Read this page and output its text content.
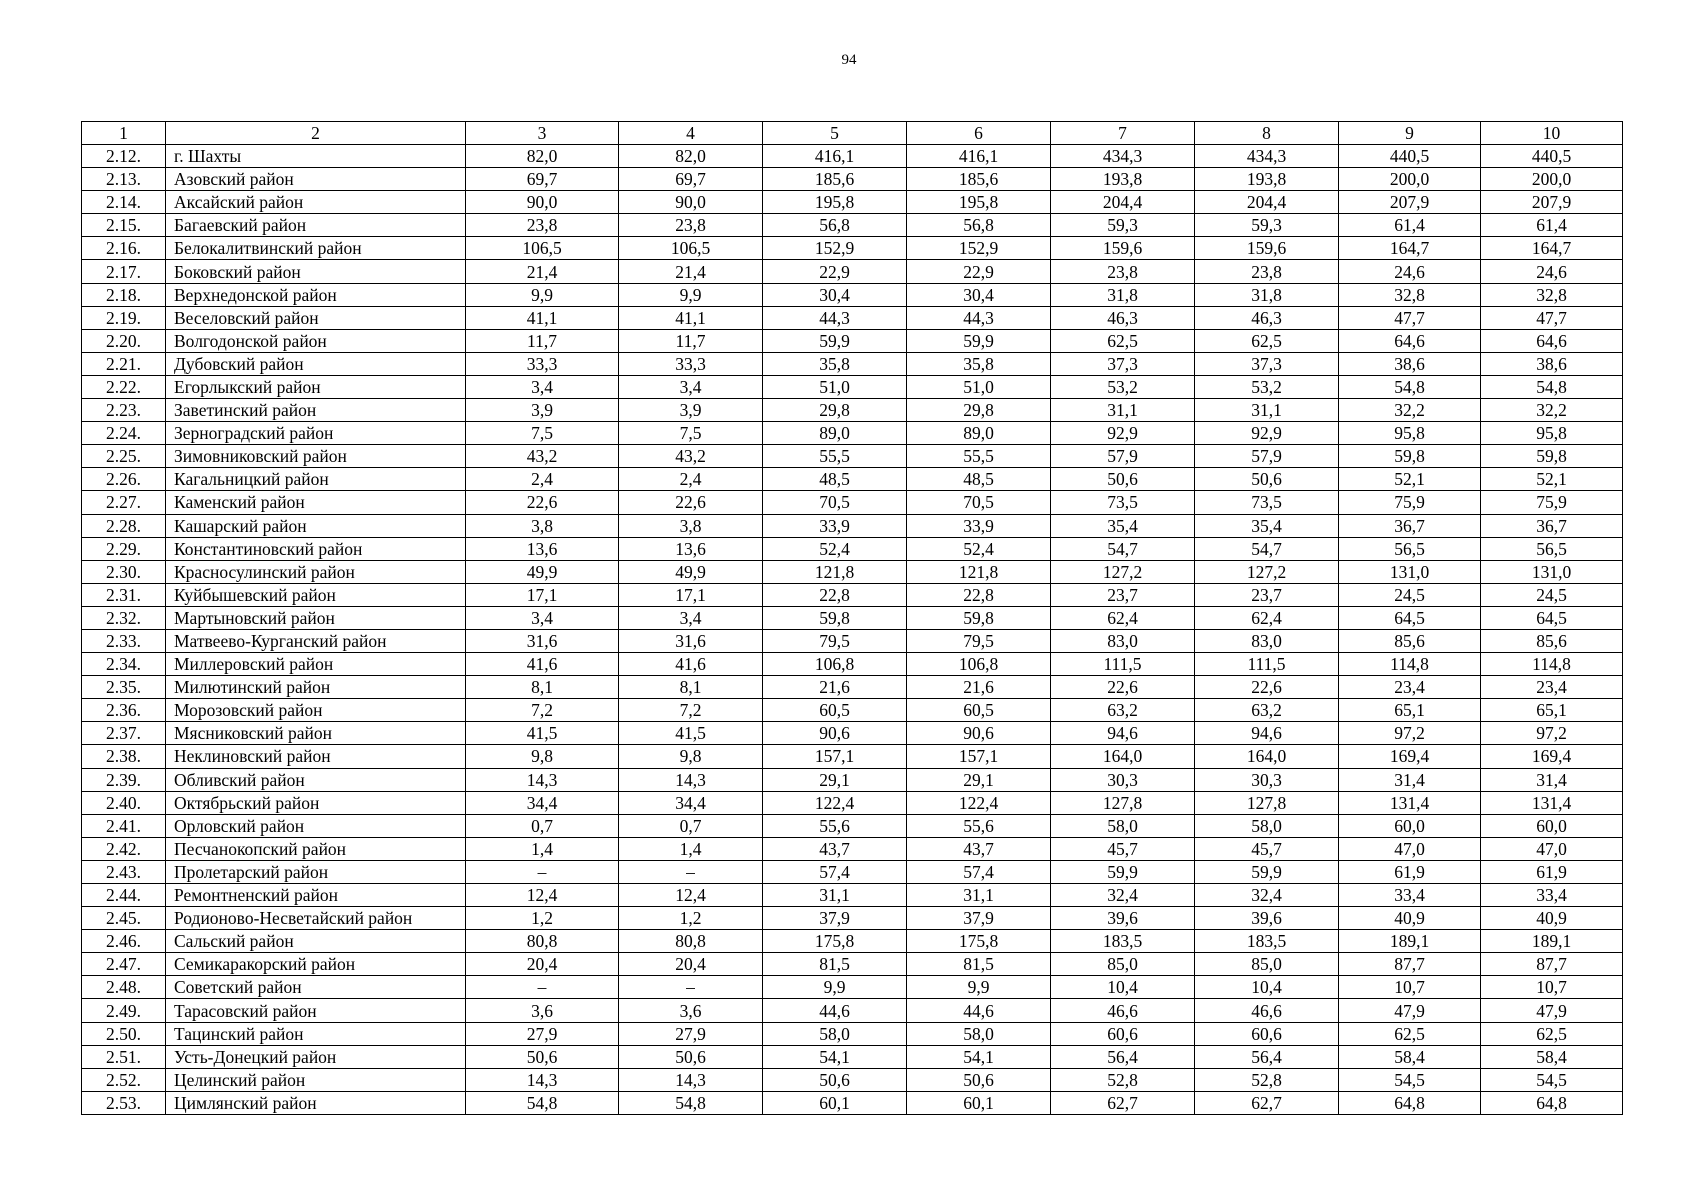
94
1	2	3	4	5	6	7	8	9	10
2.12.	г. Шахты	82,0	82,0	416,1	416,1	434,3	434,3	440,5	440,5
2.13.	Азовский район	69,7	69,7	185,6	185,6	193,8	193,8	200,0	200,0
2.14.	Аксайский район	90,0	90,0	195,8	195,8	204,4	204,4	207,9	207,9
2.15.	Багаевский район	23,8	23,8	56,8	56,8	59,3	59,3	61,4	61,4
2.16.	Белокалитвинский район	106,5	106,5	152,9	152,9	159,6	159,6	164,7	164,7
2.17.	Боковский район	21,4	21,4	22,9	22,9	23,8	23,8	24,6	24,6
2.18.	Верхнедонской район	9,9	9,9	30,4	30,4	31,8	31,8	32,8	32,8
2.19.	Веселовский район	41,1	41,1	44,3	44,3	46,3	46,3	47,7	47,7
2.20.	Волгодонской район	11,7	11,7	59,9	59,9	62,5	62,5	64,6	64,6
2.21.	Дубовский район	33,3	33,3	35,8	35,8	37,3	37,3	38,6	38,6
2.22.	Егорлыкский район	3,4	3,4	51,0	51,0	53,2	53,2	54,8	54,8
2.23.	Заветинский район	3,9	3,9	29,8	29,8	31,1	31,1	32,2	32,2
2.24.	Зерноградский район	7,5	7,5	89,0	89,0	92,9	92,9	95,8	95,8
2.25.	Зимовниковский район	43,2	43,2	55,5	55,5	57,9	57,9	59,8	59,8
2.26.	Кагальницкий район	2,4	2,4	48,5	48,5	50,6	50,6	52,1	52,1
2.27.	Каменский район	22,6	22,6	70,5	70,5	73,5	73,5	75,9	75,9
2.28.	Кашарский район	3,8	3,8	33,9	33,9	35,4	35,4	36,7	36,7
2.29.	Константиновский район	13,6	13,6	52,4	52,4	54,7	54,7	56,5	56,5
2.30.	Красносулинский район	49,9	49,9	121,8	121,8	127,2	127,2	131,0	131,0
2.31.	Куйбышевский район	17,1	17,1	22,8	22,8	23,7	23,7	24,5	24,5
2.32.	Мартыновский район	3,4	3,4	59,8	59,8	62,4	62,4	64,5	64,5
2.33.	Матвеево-Курганский район	31,6	31,6	79,5	79,5	83,0	83,0	85,6	85,6
2.34.	Миллеровский район	41,6	41,6	106,8	106,8	111,5	111,5	114,8	114,8
2.35.	Милютинский район	8,1	8,1	21,6	21,6	22,6	22,6	23,4	23,4
2.36.	Морозовский район	7,2	7,2	60,5	60,5	63,2	63,2	65,1	65,1
2.37.	Мясниковский район	41,5	41,5	90,6	90,6	94,6	94,6	97,2	97,2
2.38.	Неклиновский район	9,8	9,8	157,1	157,1	164,0	164,0	169,4	169,4
2.39.	Обливский район	14,3	14,3	29,1	29,1	30,3	30,3	31,4	31,4
2.40.	Октябрьский район	34,4	34,4	122,4	122,4	127,8	127,8	131,4	131,4
2.41.	Орловский район	0,7	0,7	55,6	55,6	58,0	58,0	60,0	60,0
2.42.	Песчанокопский район	1,4	1,4	43,7	43,7	45,7	45,7	47,0	47,0
2.43.	Пролетарский район	–	–	57,4	57,4	59,9	59,9	61,9	61,9
2.44.	Ремонтненский район	12,4	12,4	31,1	31,1	32,4	32,4	33,4	33,4
2.45.	Родионово-Несветайский район	1,2	1,2	37,9	37,9	39,6	39,6	40,9	40,9
2.46.	Сальский район	80,8	80,8	175,8	175,8	183,5	183,5	189,1	189,1
2.47.	Семикаракорский район	20,4	20,4	81,5	81,5	85,0	85,0	87,7	87,7
2.48.	Советский район	–	–	9,9	9,9	10,4	10,4	10,7	10,7
2.49.	Тарасовский район	3,6	3,6	44,6	44,6	46,6	46,6	47,9	47,9
2.50.	Тацинский район	27,9	27,9	58,0	58,0	60,6	60,6	62,5	62,5
2.51.	Усть-Донецкий район	50,6	50,6	54,1	54,1	56,4	56,4	58,4	58,4
2.52.	Целинский район	14,3	14,3	50,6	50,6	52,8	52,8	54,5	54,5
2.53.	Цимлянский район	54,8	54,8	60,1	60,1	62,7	62,7	64,8	64,8
